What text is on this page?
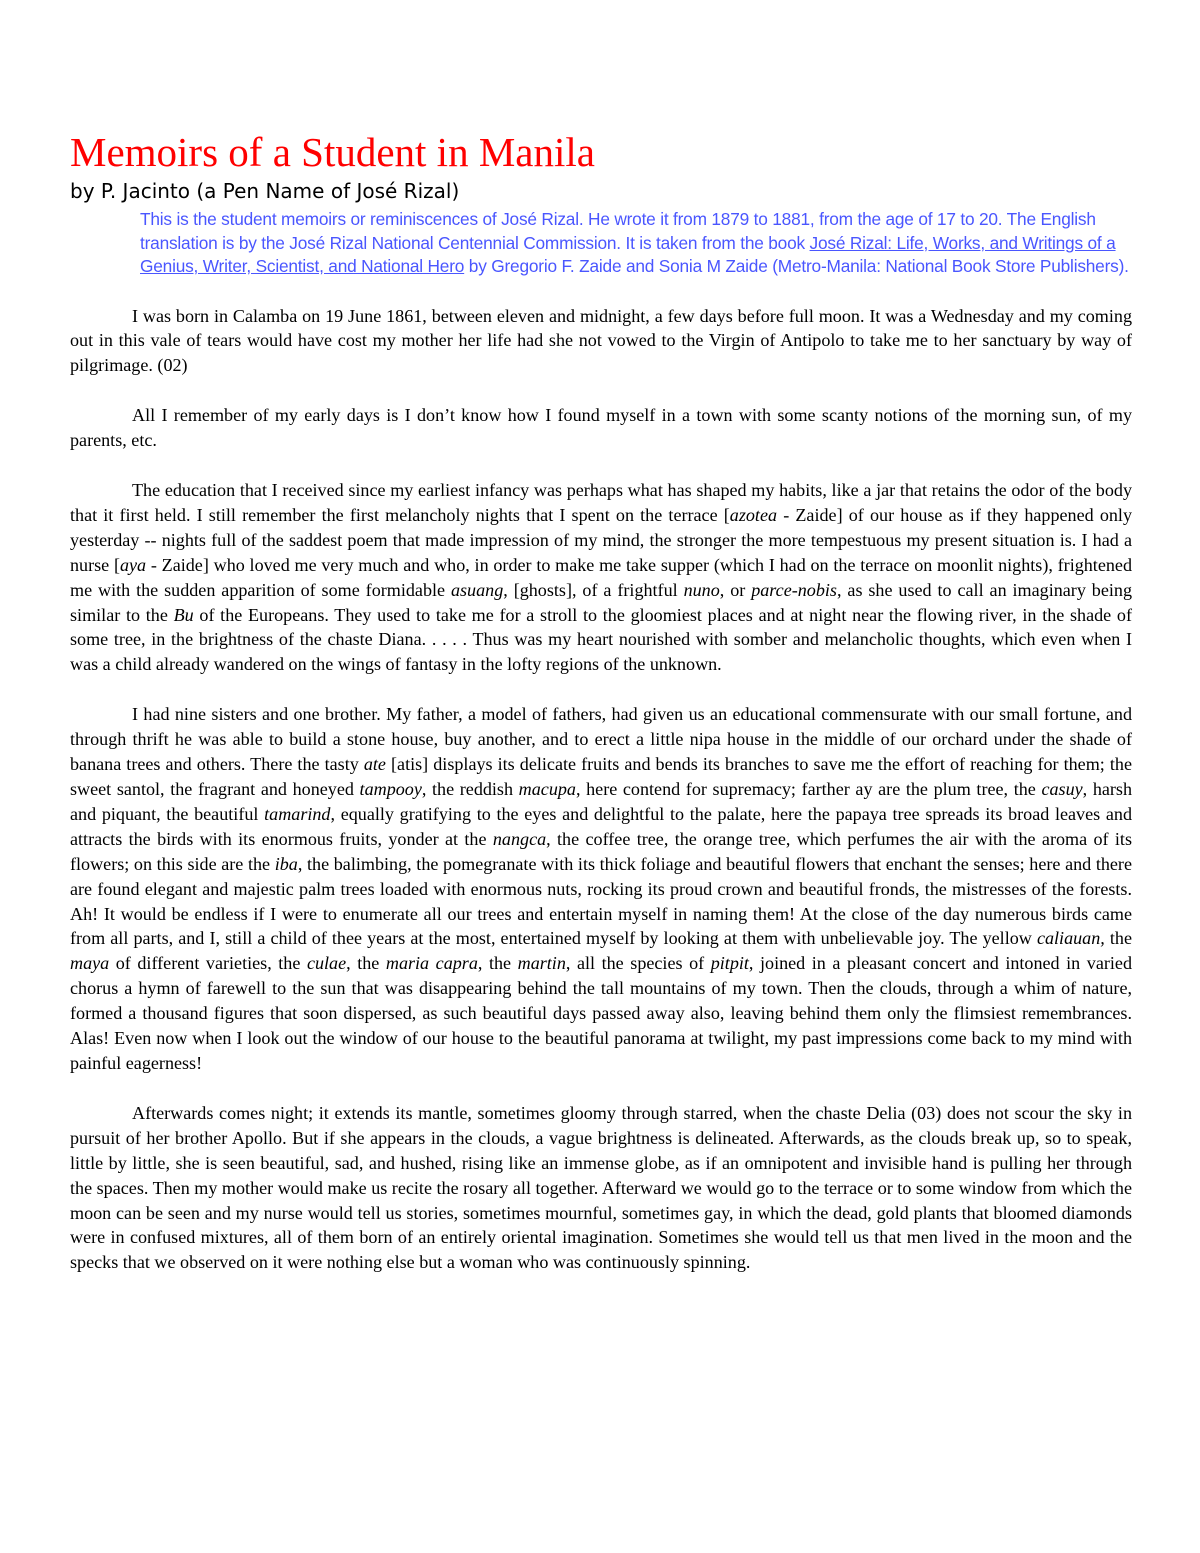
Memoirs of a Student in Manila
by P. Jacinto (a Pen Name of José Rizal)
This is the student memoirs or reminiscences of José Rizal. He wrote it from 1879 to 1881, from the age of 17 to 20. The English translation is by the José Rizal National Centennial Commission. It is taken from the book José Rizal: Life, Works, and Writings of a Genius, Writer, Scientist, and National Hero by Gregorio F. Zaide and Sonia M Zaide (Metro-Manila: National Book Store Publishers).

I was born in Calamba on 19 June 1861, between eleven and midnight, a few days before full moon. It was a Wednesday and my coming out in this vale of tears would have cost my mother her life had she not vowed to the Virgin of Antipolo to take me to her sanctuary by way of pilgrimage. (02)

All I remember of my early days is I don’t know how I found myself in a town with some scanty notions of the morning sun, of my parents, etc.

The education that I received since my earliest infancy was perhaps what has shaped my habits, like a jar that retains the odor of the body that it first held. I still remember the first melancholy nights that I spent on the terrace [azotea - Zaide] of our house as if they happened only yesterday -- nights full of the saddest poem that made impression of my mind, the stronger the more tempestuous my present situation is. I had a nurse [aya - Zaide] who loved me very much and who, in order to make me take supper (which I had on the terrace on moonlit nights), frightened me with the sudden apparition of some formidable asuang, [ghosts], of a frightful nuno, or parce-nobis, as she used to call an imaginary being similar to the Bu of the Europeans. They used to take me for a stroll to the gloomiest places and at night near the flowing river, in the shade of some tree, in the brightness of the chaste Diana. . . . . Thus was my heart nourished with somber and melancholic thoughts, which even when I was a child already wandered on the wings of fantasy in the lofty regions of the unknown.

I had nine sisters and one brother. My father, a model of fathers, had given us an educational commensurate with our small fortune, and through thrift he was able to build a stone house, buy another, and to erect a little nipa house in the middle of our orchard under the shade of banana trees and others. There the tasty ate [atis] displays its delicate fruits and bends its branches to save me the effort of reaching for them; the sweet santol, the fragrant and honeyed tampooy, the reddish macupa, here contend for supremacy; farther ay are the plum tree, the casuy, harsh and piquant, the beautiful tamarind, equally gratifying to the eyes and delightful to the palate, here the papaya tree spreads its broad leaves and attracts the birds with its enormous fruits, yonder at the nangca, the coffee tree, the orange tree, which perfumes the air with the aroma of its flowers; on this side are the iba, the balimbing, the pomegranate with its thick foliage and beautiful flowers that enchant the senses; here and there are found elegant and majestic palm trees loaded with enormous nuts, rocking its proud crown and beautiful fronds, the mistresses of the forests. Ah! It would be endless if I were to enumerate all our trees and entertain myself in naming them! At the close of the day numerous birds came from all parts, and I, still a child of thee years at the most, entertained myself by looking at them with unbelievable joy. The yellow caliauan, the maya of different varieties, the culae, the maria capra, the martin, all the species of pitpit, joined in a pleasant concert and intoned in varied chorus a hymn of farewell to the sun that was disappearing behind the tall mountains of my town. Then the clouds, through a whim of nature, formed a thousand figures that soon dispersed, as such beautiful days passed away also, leaving behind them only the flimsiest remembrances. Alas! Even now when I look out the window of our house to the beautiful panorama at twilight, my past impressions come back to my mind with painful eagerness!

Afterwards comes night; it extends its mantle, sometimes gloomy through starred, when the chaste Delia (03) does not scour the sky in pursuit of her brother Apollo. But if she appears in the clouds, a vague brightness is delineated. Afterwards, as the clouds break up, so to speak, little by little, she is seen beautiful, sad, and hushed, rising like an immense globe, as if an omnipotent and invisible hand is pulling her through the spaces. Then my mother would make us recite the rosary all together. Afterward we would go to the terrace or to some window from which the moon can be seen and my nurse would tell us stories, sometimes mournful, sometimes gay, in which the dead, gold plants that bloomed diamonds were in confused mixtures, all of them born of an entirely oriental imagination. Sometimes she would tell us that men lived in the moon and the specks that we observed on it were nothing else but a woman who was continuously spinning.
